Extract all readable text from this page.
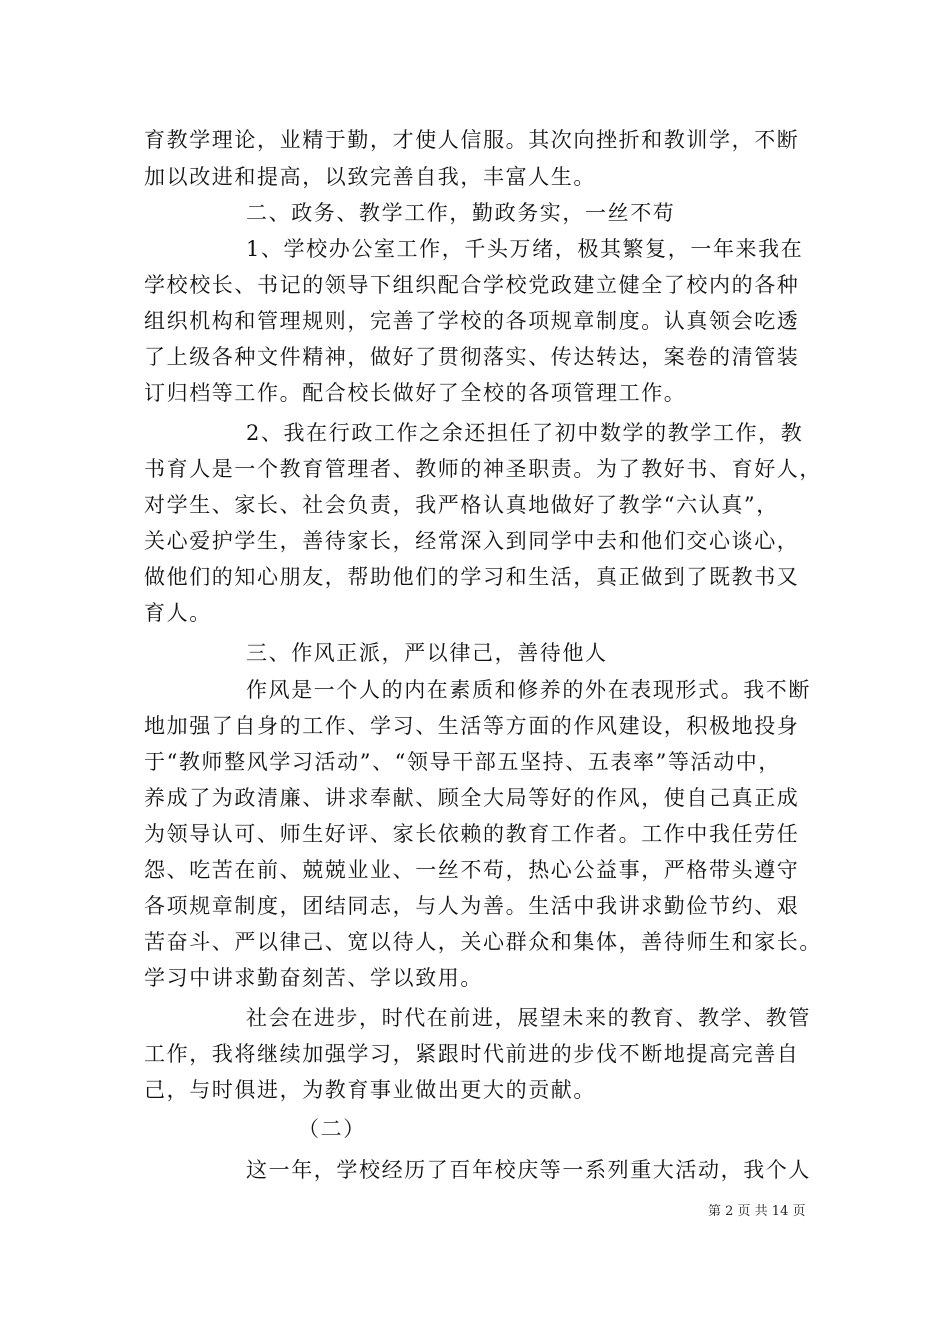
育教学理论，业精于勤，才使人信服。其次向挫折和教训学，不断
加以改进和提高，以致完善自我，丰富人生。
二、政务、教学工作，勤政务实，一丝不苟
1、学校办公室工作，千头万绪，极其繁复，一年来我在
学校校长、书记的领导下组织配合学校党政建立健全了校内的各种
组织机构和管理规则，完善了学校的各项规章制度。认真领会吃透
了上级各种文件精神，做好了贯彻落实、传达转达，案卷的清管装
订归档等工作。配合校长做好了全校的各项管理工作。
2、我在行政工作之余还担任了初中数学的教学工作，教
书育人是一个教育管理者、教师的神圣职责。为了教好书、育好人，
对学生、家长、社会负责，我严格认真地做好了教学“六认真”，
关心爱护学生，善待家长，经常深入到同学中去和他们交心谈心，
做他们的知心朋友，帮助他们的学习和生活，真正做到了既教书又
育人。
三、作风正派，严以律己，善待他人
作风是一个人的内在素质和修养的外在表现形式。我不断
地加强了自身的工作、学习、生活等方面的作风建设，积极地投身
于“教师整风学习活动”、“领导干部五坚持、五表率”等活动中，
养成了为政清廉、讲求奉献、顾全大局等好的作风，使自己真正成
为领导认可、师生好评、家长依赖的教育工作者。工作中我任劳任
怨、吃苦在前、兢兢业业、一丝不苟，热心公益事，严格带头遵守
各项规章制度，团结同志，与人为善。生活中我讲求勤俭节约、艰
苦奋斗、严以律己、宽以待人，关心群众和集体，善待师生和家长。
学习中讲求勤奋刻苦、学以致用。
社会在进步，时代在前进，展望未来的教育、教学、教管
工作，我将继续加强学习，紧跟时代前进的步伐不断地提高完善自
己，与时俱进，为教育事业做出更大的贡献。
（二）
这一年，学校经历了百年校庆等一系列重大活动，我个人
第 2 页 共 14 页
